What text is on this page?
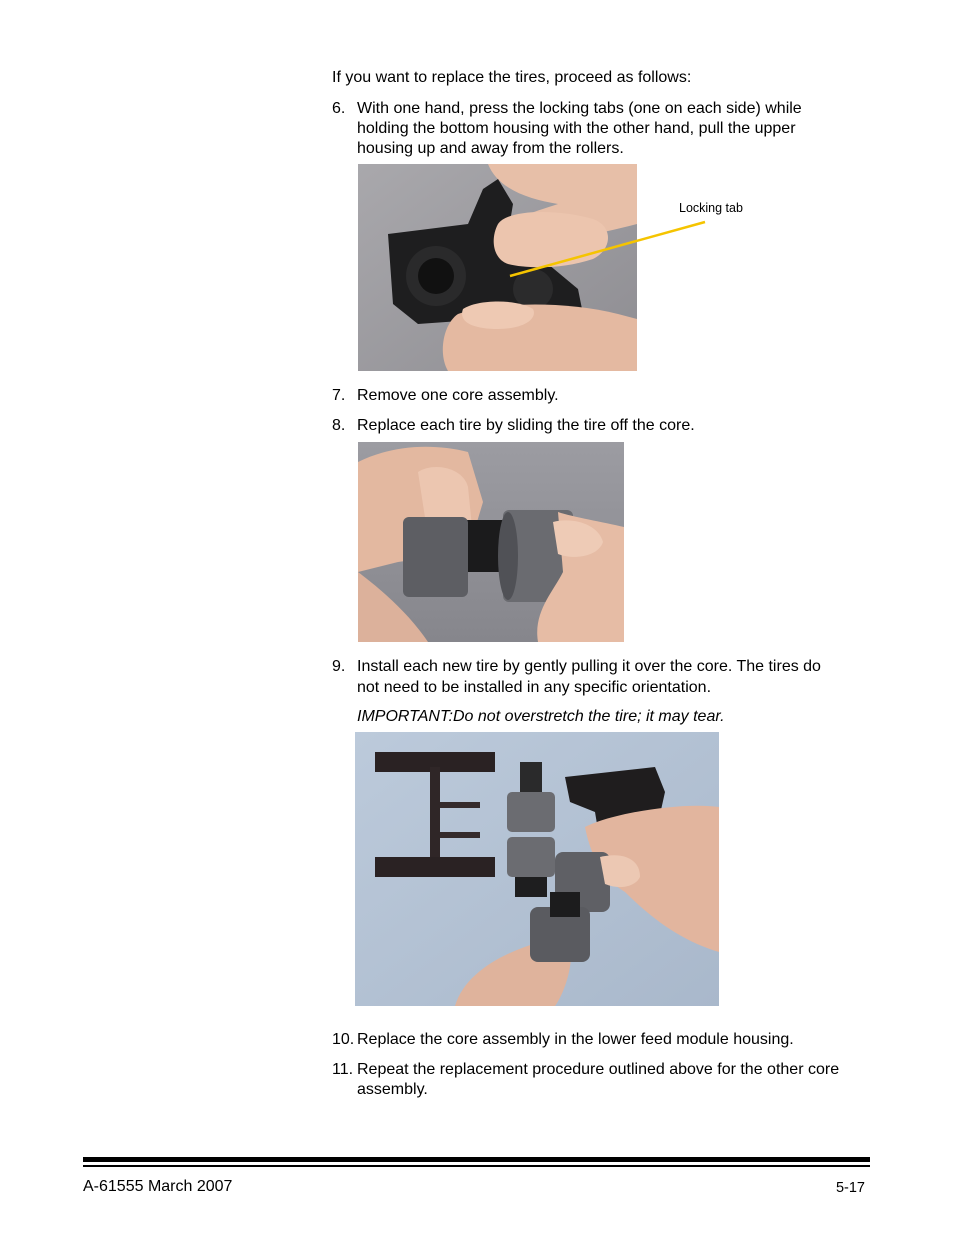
If you want to replace the tires, proceed as follows:
6. With one hand, press the locking tabs (one on each side) while
holding the bottom housing with the other hand, pull the upper
housing up and away from the rollers.
Locking tab
7. Remove one core assembly.
8. Replace each tire by sliding the tire off the core.
9. Install each new tire by gently pulling it over the core. The tires do
not need to be installed in any specific orientation.
IMPORTANT:Do not overstretch the tire; it may tear.
10. Replace the core assembly in the lower feed module housing.
11. Repeat the replacement procedure outlined above for the other core
assembly.
A-61555 March 2007	5-17
